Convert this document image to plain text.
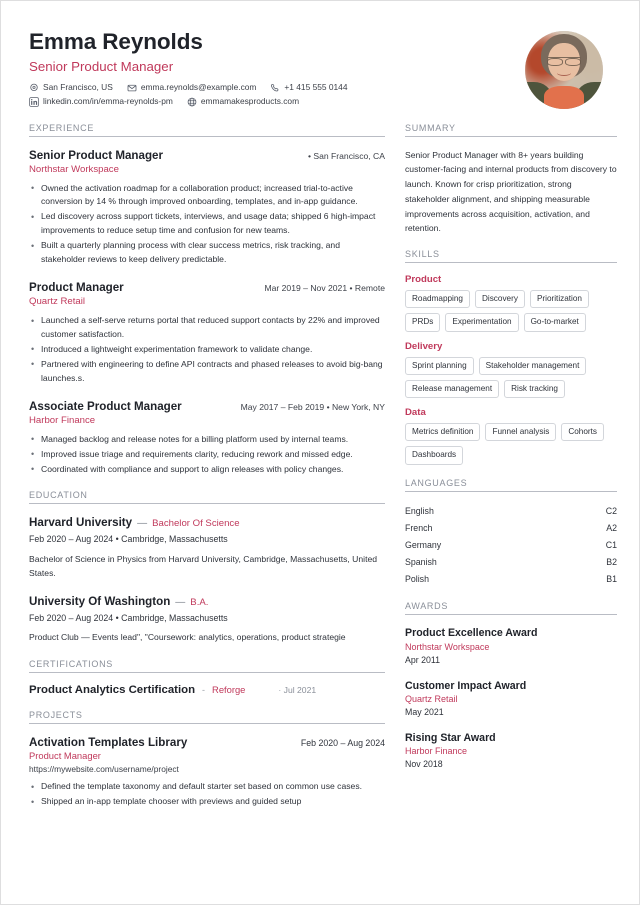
Emma Reynolds
Senior Product Manager
San Francisco, US	emma.reynolds@example.com	+1 415 555 0144
linkedin.com/in/emma-reynolds-pm	emmamakesproducts.com
EXPERIENCE
Senior Product Manager	• San Francisco, CA
Northstar Workspace
• Owned the activation roadmap for a collaboration product; increased trial-to-active conversion by 14 % through improved onboarding, templates, and in-app guidance.
• Led discovery across support tickets, interviews, and usage data; shipped 6 high-impact improvements to reduce setup time and confusion for new teams.
• Built a quarterly planning process with clear success metrics, risk tracking, and stakeholder reviews to keep delivery predictable.
Product Manager	Mar 2019 – Nov 2021 • Remote
Quartz Retail
• Launched a self-serve returns portal that reduced support contacts by 22% and improved customer satisfaction.
• Introduced a lightweight experimentation framework to validate change.
• Partnered with engineering to define API contracts and phased releases to avoid big-bang launches.s.
Associate Product Manager	May 2017 – Feb 2019 • New York, NY
Harbor Finance
• Managed backlog and release notes for a billing platform used by internal teams.
• Improved issue triage and requirements clarity, reducing rework and missed edge.
• Coordinated with compliance and support to align releases with policy changes.
EDUCATION
Harvard University — Bachelor Of Science
Feb 2020 – Aug 2024 • Cambridge, Massachusetts
Bachelor of Science in Physics from Harvard University, Cambridge, Massachusetts, United States.
University Of Washington — B.A.
Feb 2020 – Aug 2024 • Cambridge, Massachusetts
Product Club — Events lead", "Coursework: analytics, operations, product strategie
CERTIFICATIONS
Product Analytics Certification - Reforge	· Jul 2021
PROJECTS
Activation Templates Library	Feb 2020 – Aug 2024
Product Manager
https://mywebsite.com/username/project
• Defined the template taxonomy and default starter set based on common use cases.
• Shipped an in-app template chooser with previews and guided setup
SUMMARY
Senior Product Manager with 8+ years building customer-facing and internal products from discovery to launch. Known for crisp prioritization, strong stakeholder alignment, and shipping measurable improvements across acquisition, activation, and retention.
SKILLS
Product
Roadmapping	Discovery	Prioritization
PRDs	Experimentation	Go-to-market
Delivery
Sprint planning	Stakeholder management
Release management	Risk tracking
Data
Metrics definition	Funnel analysis	Cohorts
Dashboards
LANGUAGES
English	C2
French	A2
Germany	C1
Spanish	B2
Polish	B1
AWARDS
Product Excellence Award
Northstar Workspace
Apr 2011
Customer Impact Award
Quartz Retail
May 2021
Rising Star Award
Harbor Finance
Nov 2018
